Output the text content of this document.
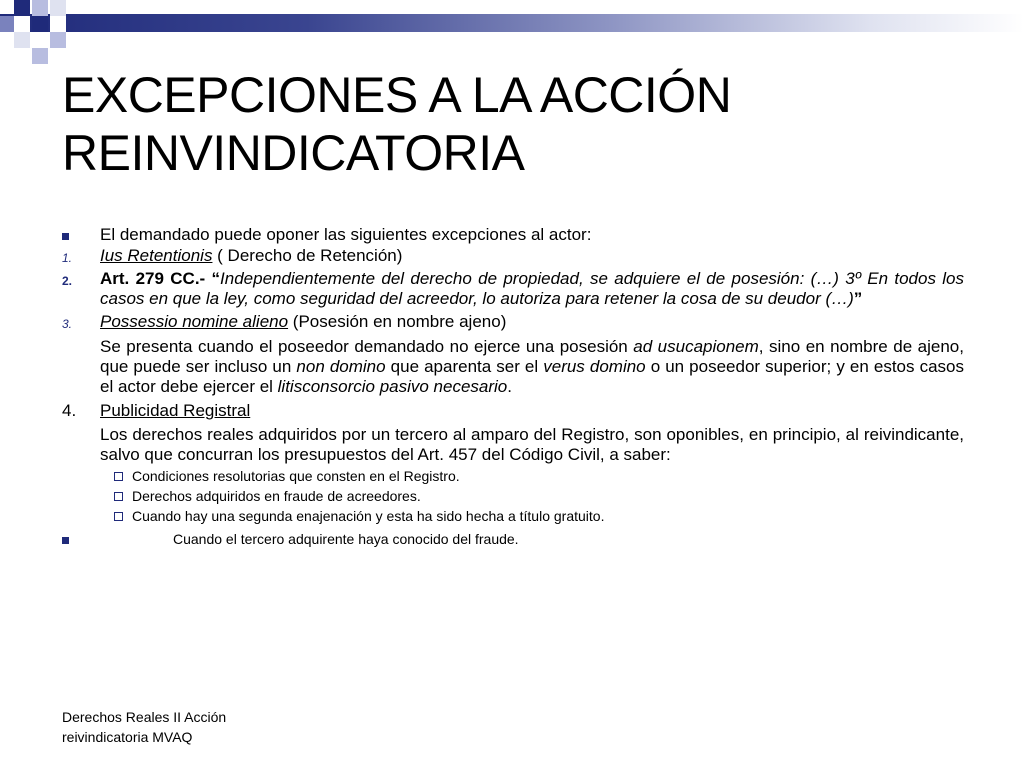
EXCEPCIONES A LA ACCIÓN
REINVINDICATORIA
El demandado puede oponer las siguientes excepciones al actor:
1.	Ius Retentionis ( Derecho de Retención)
2.	Art. 279 CC.- “Independientemente del derecho de propiedad, se adquiere el de posesión: (…) 3º En todos los casos en que la ley, como seguridad del acreedor, lo autoriza para retener la cosa de su deudor (…)”
3.	Possessio nomine alieno (Posesión en nombre ajeno)
Se presenta cuando el poseedor demandado no ejerce una posesión ad usucapionem, sino en nombre de ajeno, que puede ser incluso un non domino que aparenta ser el verus domino o un poseedor superior; y en estos casos el actor debe ejercer el litisconsorcio pasivo necesario.
4.	Publicidad Registral
Los derechos reales adquiridos por un tercero al amparo del Registro, son oponibles, en principio, al reivindicante, salvo que concurran los presupuestos del Art. 457 del Código Civil, a saber:
Condiciones resolutorias que consten en el Registro.
Derechos adquiridos en fraude de acreedores.
Cuando hay una segunda enajenación y esta ha sido hecha a título gratuito.
Cuando el tercero adquirente haya conocido del fraude.
Derechos Reales II Acción
reivindicatoria MVAQ
